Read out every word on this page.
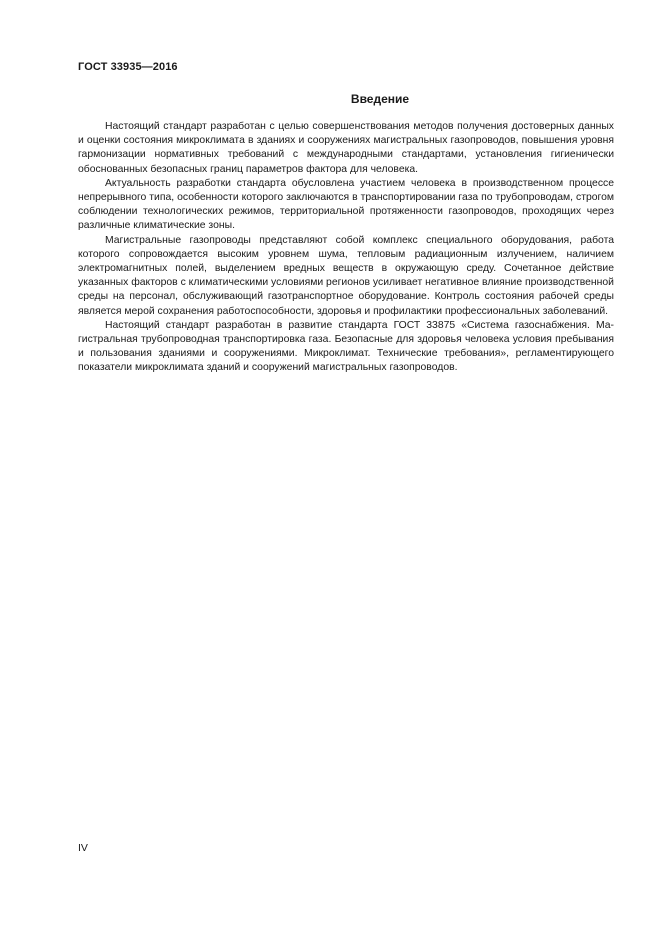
ГОСТ 33935—2016
Введение

Настоящий стандарт разработан с целью совершенствования методов получения достоверных данных и оценки состояния микроклимата в зданиях и сооружениях магистральных газопроводов, повышения уровня гармонизации нормативных требований с международными стандартами, установления гигиенически обоснованных безопасных границ параметров фактора для человека.

Актуальность разработки стандарта обусловлена участием человека в производственном процессе непрерывного типа, особенности которого заключаются в транспортировании газа по трубопроводам, строгом соблюдении технологических режимов, территориальной протяженности газопроводов, проходящих через различные климатические зоны.

Магистральные газопроводы представляют собой комплекс специального оборудования, работа которого сопровождается высоким уровнем шума, тепловым радиационным излучением, наличием электромагнитных полей, выделением вредных веществ в окружающую среду. Сочетанное действие указанных факторов с климатическими условиями регионов усиливает негативное влияние производственной среды на персонал, обслуживающий газотранспортное оборудование. Контроль состояния рабочей среды является мерой сохранения работоспособности, здоровья и профилактики профессиональных заболеваний.

Настоящий стандарт разработан в развитие стандарта ГОСТ 33875 «Система газоснабжения. Магистральная трубопроводная транспортировка газа. Безопасные для здоровья человека условия пребывания и пользования зданиями и сооружениями. Микроклимат. Технические требования», регламентирующего показатели микроклимата зданий и сооружений магистральных газопроводов.

IV
